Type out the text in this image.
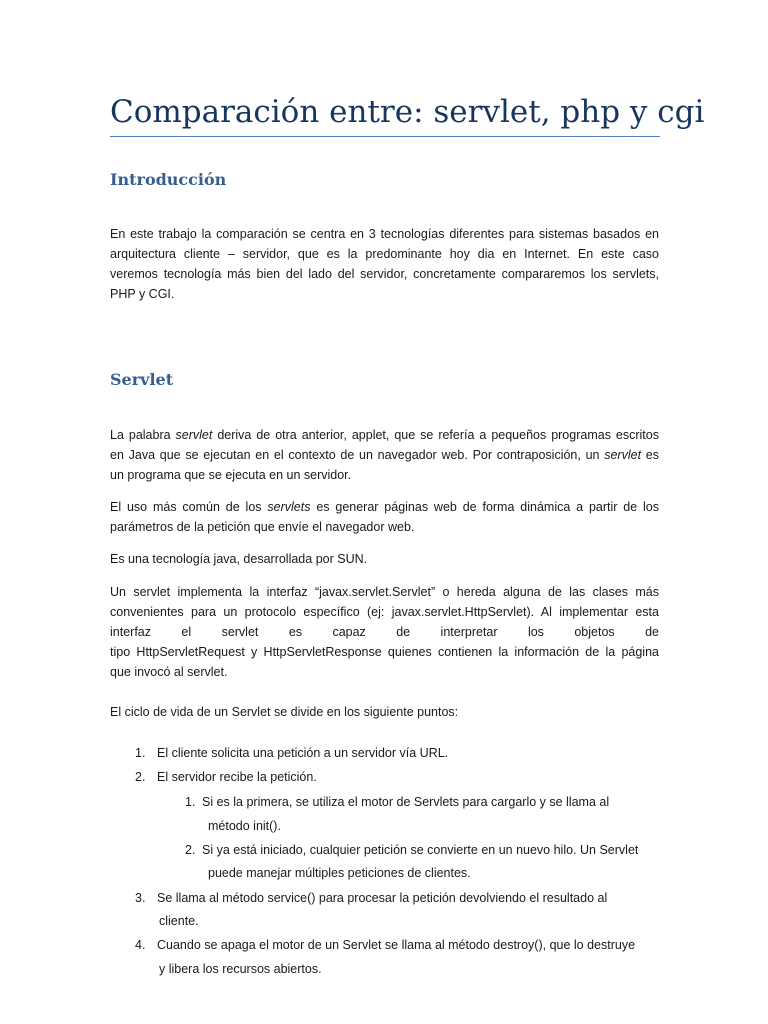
Comparación entre: servlet, php y cgi
Introducción

En este trabajo la comparación se centra en 3 tecnologías diferentes para sistemas basados en
arquitectura cliente – servidor, que es la predominante hoy dia en Internet. En este caso
veremos tecnología más bien del lado del servidor, concretamente compararemos los servlets,
PHP y CGI.

Servlet

La palabra servlet deriva de otra anterior, applet, que se refería a pequeños programas escritos
en Java que se ejecutan en el contexto de un navegador web. Por contraposición, un servlet es
un programa que se ejecuta en un servidor.

El uso más común de los servlets es generar páginas web de forma dinámica a partir de los
parámetros de la petición que envíe el navegador web.

Es una tecnología java, desarrollada por SUN.

Un servlet implementa la interfaz “javax.servlet.Servlet” o hereda alguna de las clases más
convenientes para un protocolo específico (ej: javax.servlet.HttpServlet). Al implementar esta
interfaz el servlet es capaz de interpretar los objetos de
tipo HttpServletRequest y HttpServletResponse quienes contienen la información de la página
que invocó al servlet.

El ciclo de vida de un Servlet se divide en los siguiente puntos:

1. El cliente solicita una petición a un servidor vía URL.
2. El servidor recibe la petición.
1. Si es la primera, se utiliza el motor de Servlets para cargarlo y se llama al
método init().
2. Si ya está iniciado, cualquier petición se convierte en un nuevo hilo. Un Servlet
puede manejar múltiples peticiones de clientes.
3. Se llama al método service() para procesar la petición devolviendo el resultado al
cliente.
4. Cuando se apaga el motor de un Servlet se llama al método destroy(), que lo destruye
y libera los recursos abiertos.
